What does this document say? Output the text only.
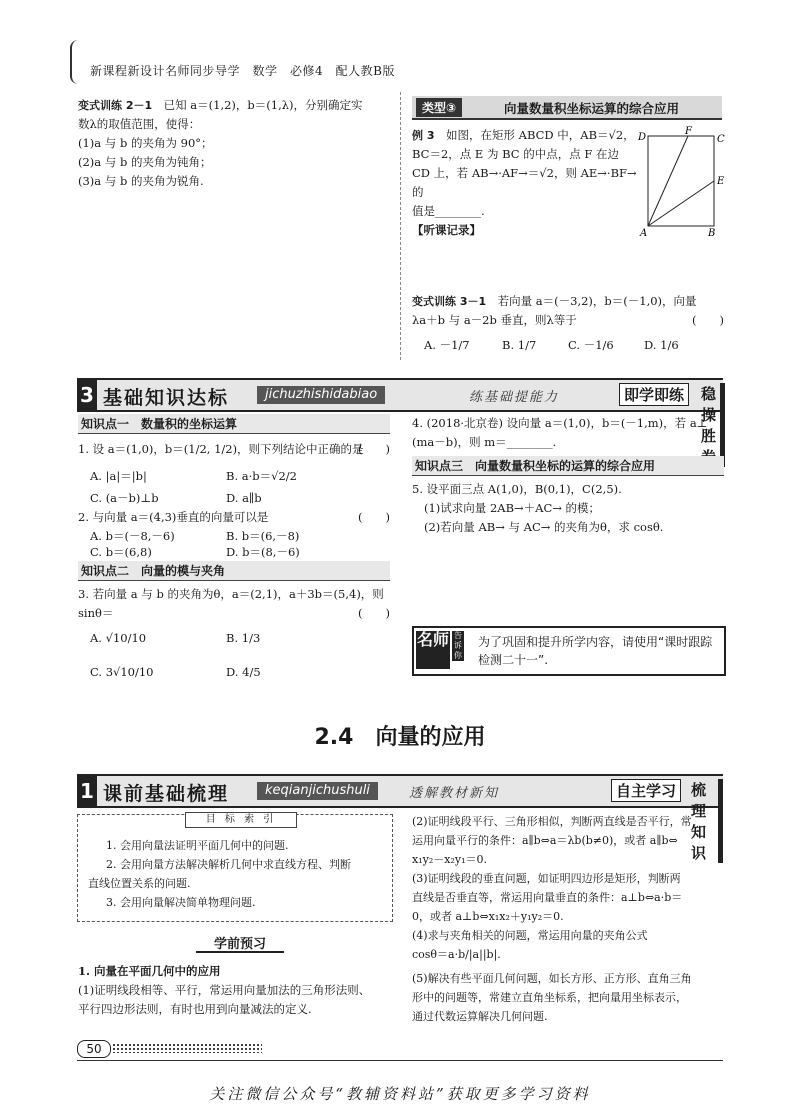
新课程新设计名师同步导学　数学　必修4　配人教B版
变式训练 2－1　 已知 a＝(1,2)，b＝(1,λ)，分别确定实
数λ的取值范围，使得：
(1)a 与 b 的夹角为 90°；
(2)a 与 b 的夹角为钝角；
(3)a 与 b 的夹角为锐角.
类型③	向量数量积坐标运算的综合应用
例 3　 如图，在矩形 ABCD 中，AB＝√2，
BC＝2，点 E 为 BC 的中点，点 F 在边
CD 上，若 AB→·AF→＝√2，则 AE→·BF→ 的
值是________.
【听课记录】
D
F
C
E
A	B
变式训练 3－1　 若向量 a＝(－3,2)，b＝(－1,0)，向量
λa＋b 与 a－2b 垂直，则λ等于	(　　)
A. －1/7	B. 1/7	C. －1/6	D. 1/6
3 基础知识达标	jichuzhishidabiao	练基础提能力	即学即练	稳操胜
知识点一　数量积的坐标运算
1. 设 a＝(1,0)，b＝(1/2, 1/2)，则下列结论中正确的是
(　　)
A. |a|＝|b|	B. a·b＝√2/2
C. (a－b)⊥b	D. a∥b
2. 与向量 a＝(4,3)垂直的向量可以是	(　　)
A. b＝(－8,－6)	B. b＝(6,－8)
C. b＝(6,8)	D. b＝(8,－6)
知识点二　向量的模与夹角
3. 若向量 a 与 b 的夹角为θ，a＝(2,1)，a＋3b＝(5,4)，则
sinθ＝	(　　)
A. √10/10	B. 1/3
C. 3√10/10	D. 4/5
4. (2018·北京卷) 设向量 a＝(1,0)，b＝(－1,m)，若 a⊥
(ma－b)，则 m＝________.
知识点三　向量数量积坐标的运算的综合应用
5. 设平面三点 A(1,0)，B(0,1)，C(2,5).
(1)试求向量 2AB→＋AC→ 的模；
(2)若向量 AB→ 与 AC→ 的夹角为θ，求 cosθ.
名师 告诉你
为了巩固和提升所学内容，请使用“课时跟踪检测二十一”.
2.4　向量的应用
1 课前基础梳理	keqianjichushuli	透解教材新知	自主学习 梳理知识
目 标 索 引
1. 会用向量法证明平面几何中的问题.
2. 会用向量方法解决解析几何中求直线方程、判断
直线位置关系的问题.
3. 会用向量解决简单物理问题.
学前预习
1. 向量在平面几何中的应用
(1)证明线段相等、平行，常运用向量加法的三角形法则、
平行四边形法则，有时也用到向量减法的定义.
(2)证明线段平行、三角形相似，判断两直线是否平行，常
运用向量平行的条件：a∥b⇔a＝λb(b≠0)，或者 a∥b⇔
x₁y₂－x₂y₁＝0.
(3)证明线段的垂直问题，如证明四边形是矩形，判断两
直线是否垂直等，常运用向量垂直的条件：a⊥b⇔a·b＝
0，或者 a⊥b⇔x₁x₂＋y₁y₂＝0.
(4)求与夹角相关的问题，常运用向量的夹角公式
cosθ＝a·b/|a||b|.
(5)解决有些平面几何问题，如长方形、正方形、直角三角
形中的问题等，常建立直角坐标系，把向量用坐标表示，
通过代数运算解决几何问题.
50
关注微信公众号“教辅资料站”获取更多学习资料
